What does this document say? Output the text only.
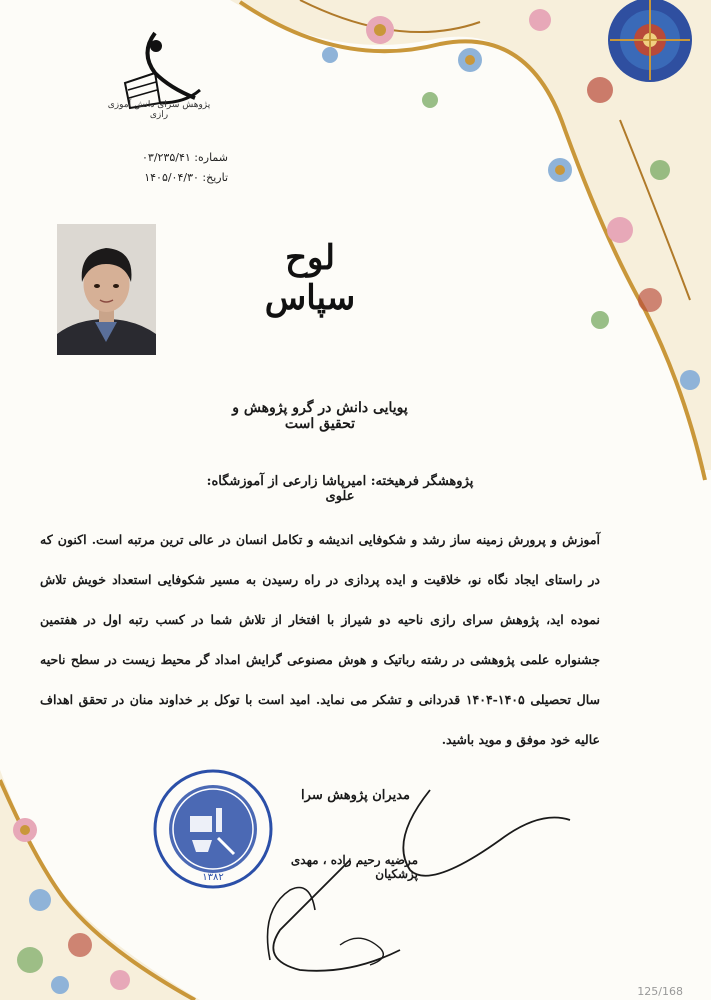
پژوهش سرای دانش آموزی رازی
شماره: ۰۳/۲۳۵/۴۱
تاریخ: ۱۴۰۵/۰۴/۳۰
لوح سپاس
پویایی دانش در گرو پژوهش و تحقیق است
پژوهشگر فرهیخته: امیرپاشا زارعی از آموزشگاه: علوی
آموزش و پرورش زمینه ساز رشد و شکوفایی اندیشه و تکامل انسان در عالی ترین مرتبه است. اکنون که در راستای ایجاد نگاه نو، خلاقیت و ایده پردازی در راه رسیدن به مسیر شکوفایی استعداد خویش تلاش نموده اید، پژوهش سرای رازی ناحیه دو شیراز با افتخار از تلاش شما در کسب رتبه اول در هفتمین جشنواره علمی پژوهشی در رشته رباتیک و هوش مصنوعی گرایش امداد گر محیط زیست در سطح ناحیه سال تحصیلی ۱۴۰۵-۱۴۰۴ قدردانی و تشکر می نماید. امید است با توکل بر خداوند منان در تحقق اهداف عالیه خود موفق و موید باشید.
۱۳۸۲
مدیران پژوهش سرا
مرضیه رحیم زاده ، مهدی پزشکیان
125/168
